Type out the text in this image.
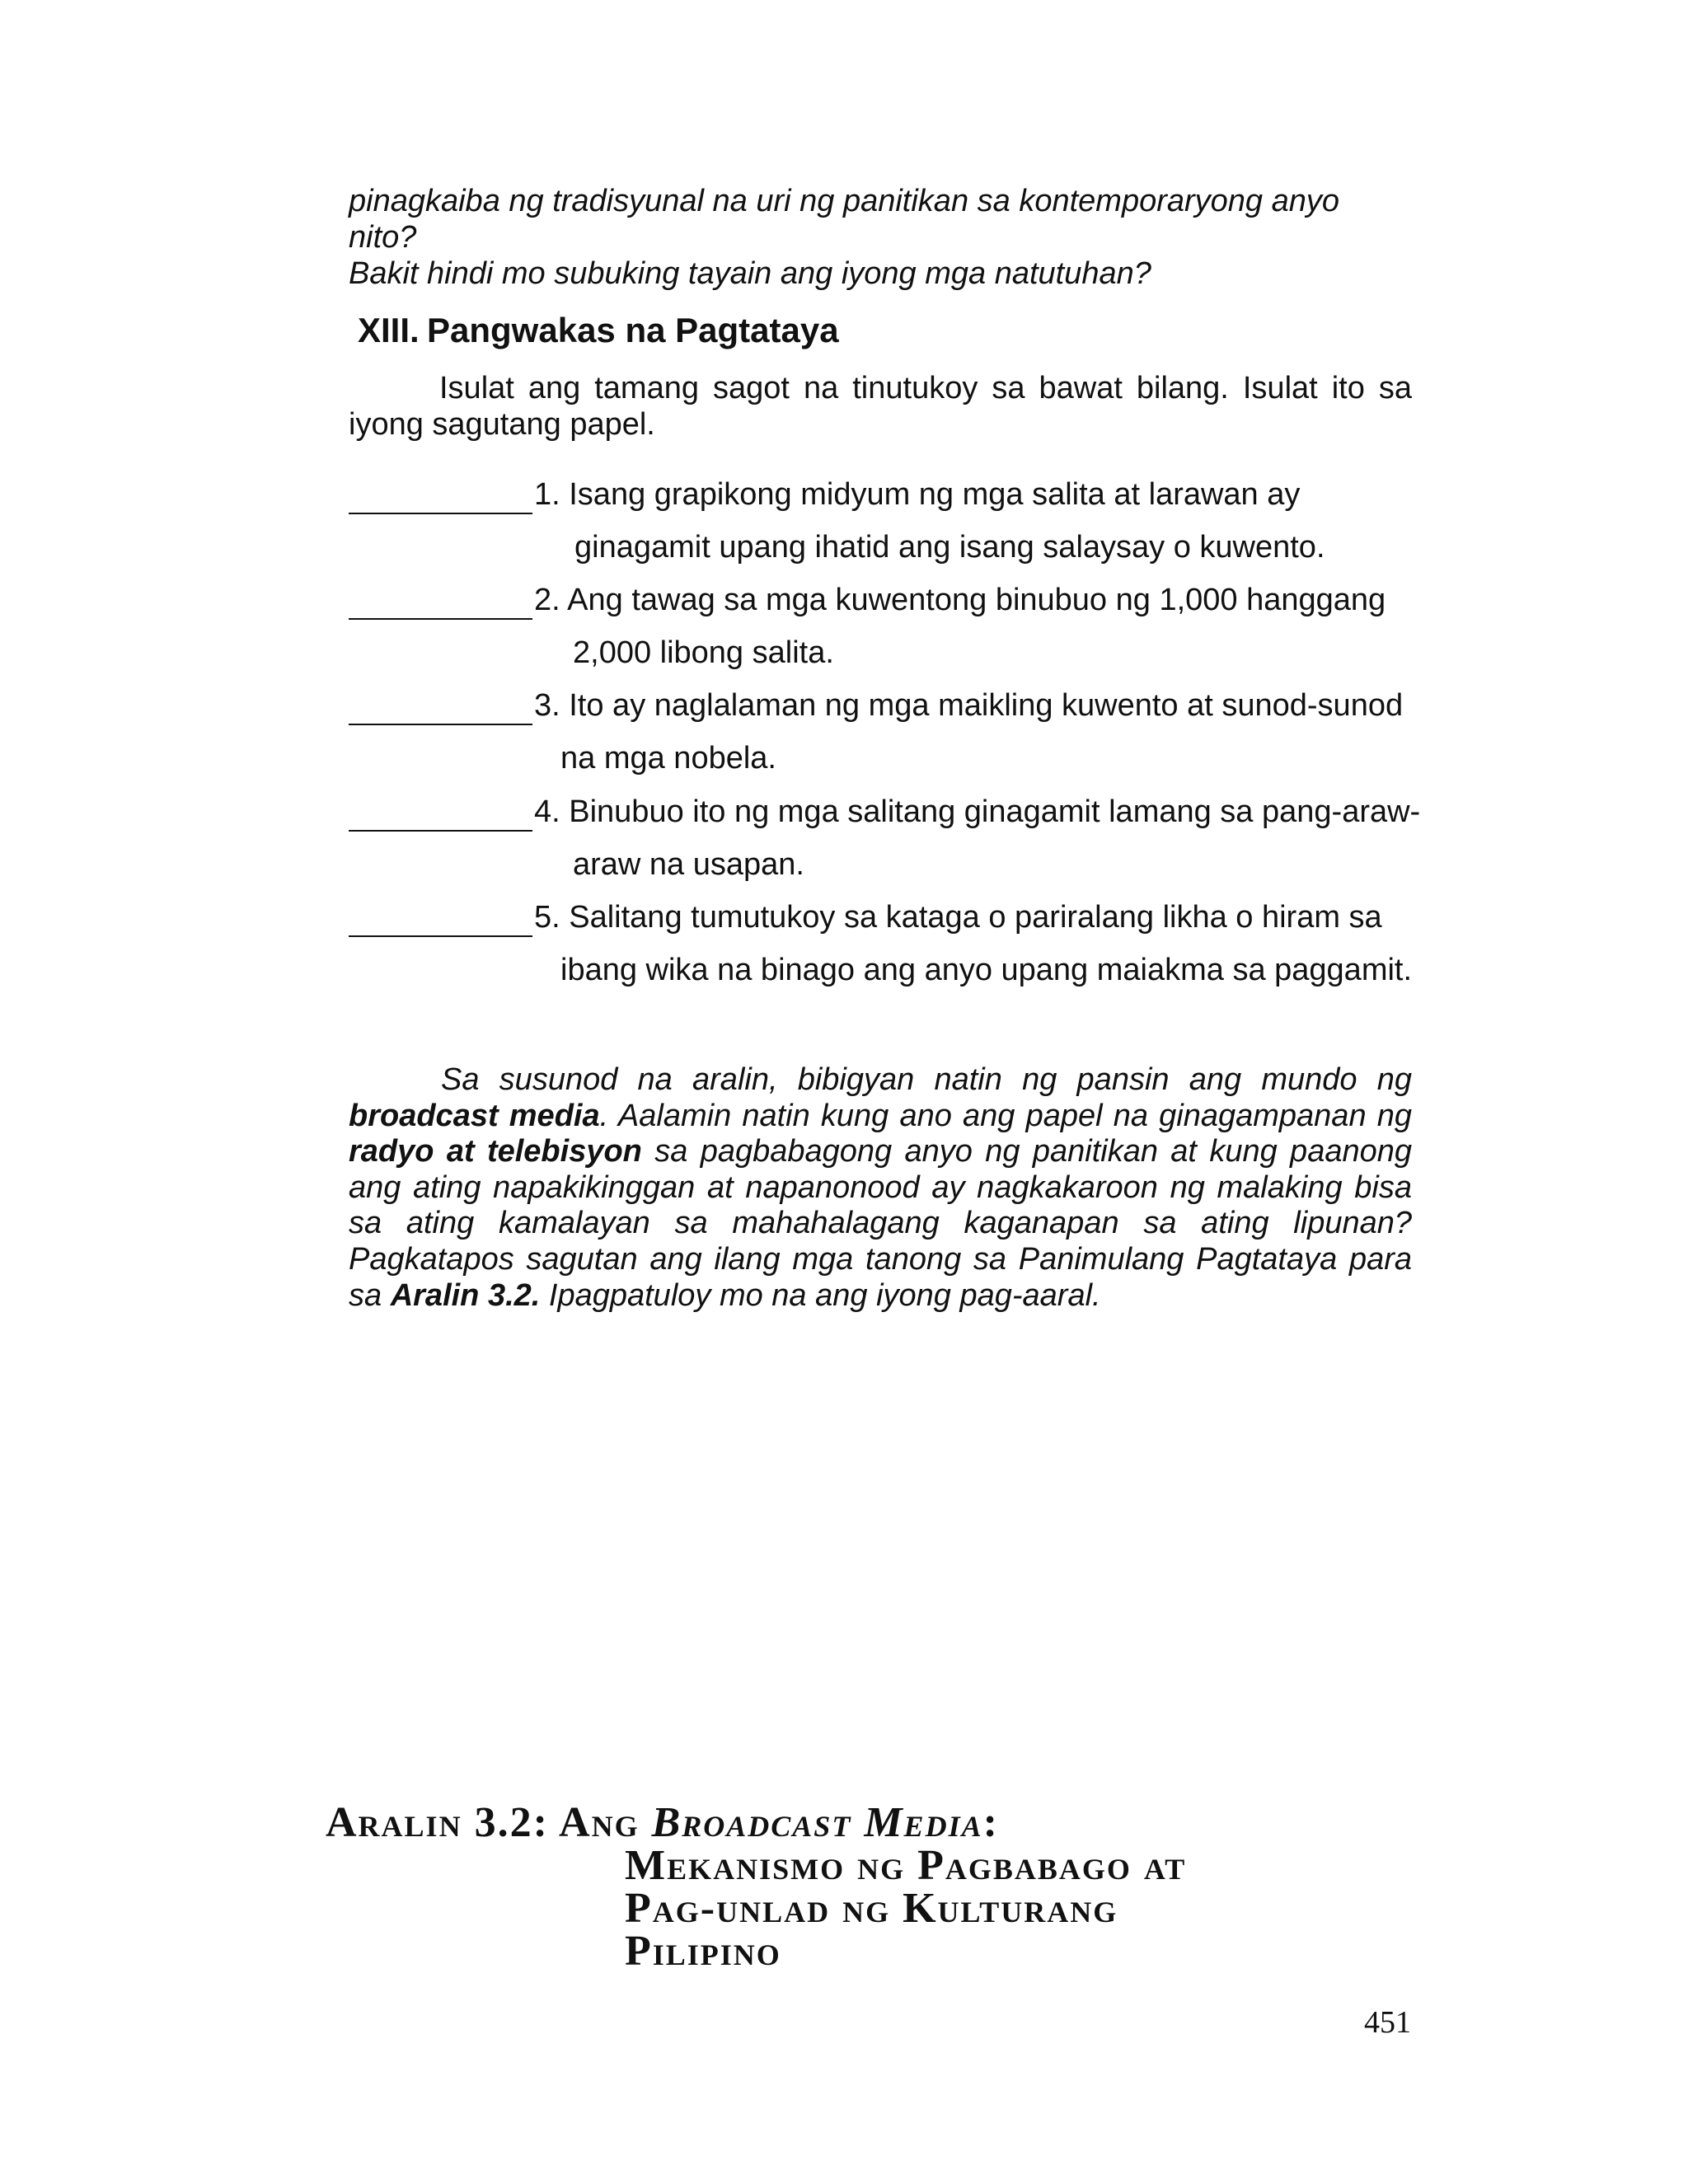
pinagkaiba ng tradisyunal na uri ng panitikan sa kontemporaryong anyo nito?
Bakit hindi mo subuking tayain ang iyong mga natutuhan?
XIII. Pangwakas na Pagtataya

Isulat ang tamang sagot na tinutukoy sa bawat bilang. Isulat ito sa iyong sagutang papel.

1. Isang grapikong midyum ng mga salita at larawan ay
ginagamit upang ihatid ang isang salaysay o kuwento.
2. Ang tawag sa mga kuwentong binubuo ng 1,000 hanggang
2,000 libong salita.
3. Ito ay naglalaman ng mga maikling kuwento at sunod-sunod
na mga nobela.
4. Binubuo ito ng mga salitang ginagamit lamang sa pang-araw-
araw na usapan.
5. Salitang tumutukoy sa kataga o pariralang likha o hiram sa
ibang wika na binago ang anyo upang maiakma sa paggamit.

Sa susunod na aralin, bibigyan natin ng pansin ang mundo ng broadcast media. Aalamin natin kung ano ang papel na ginagampanan ng radyo at telebisyon sa pagbabagong anyo ng panitikan at kung paanong ang ating napakikinggan at napanonood ay nagkakaroon ng malaking bisa sa ating kamalayan sa mahahalagang kaganapan sa ating lipunan? Pagkatapos sagutan ang ilang mga tanong sa Panimulang Pagtataya para sa Aralin 3.2. Ipagpatuloy mo na ang iyong pag-aaral.

Aralin 3.2: Ang Broadcast Media:
Mekanismo ng Pagbabago at
Pag-unlad ng Kulturang
Pilipino
451
